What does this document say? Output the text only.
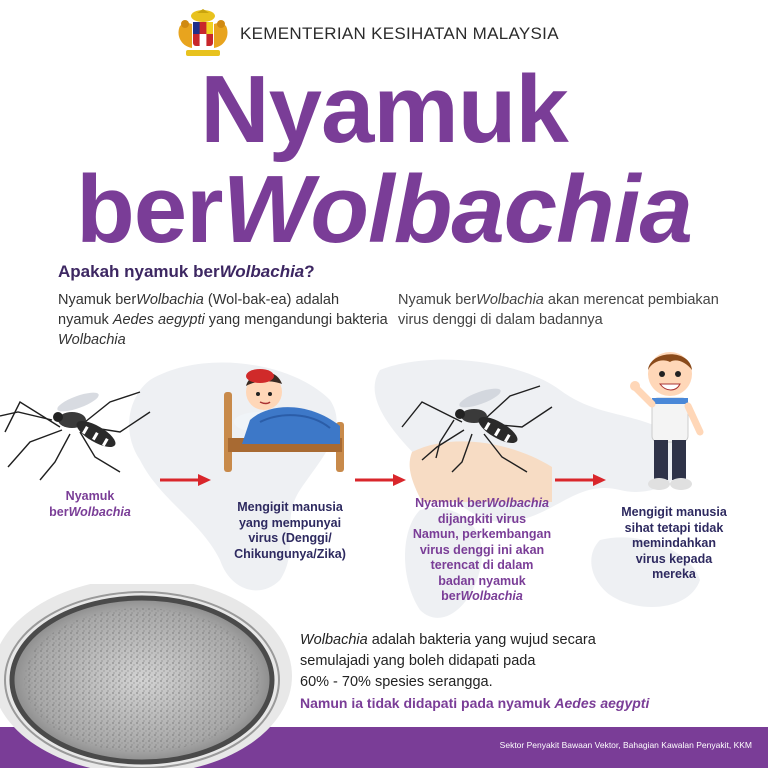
KEMENTERIAN KESIHATAN MALAYSIA
Nyamuk
berWolbachia
Apakah nyamuk berWolbachia?
Nyamuk berWolbachia (Wol-bak-ea) adalah nyamuk Aedes aegypti yang mengandungi bakteria Wolbachia
Nyamuk berWolbachia akan merencat pembiakan virus denggi di dalam badannya
Nyamuk
berWolbachia	Mengigit manusia
yang mempunyai
virus (Denggi/
Chikungunya/Zika)
Nyamuk berWolbachia
dijangkiti virus
Namun, perkembangan
virus denggi ini akan
terencat di dalam
badan nyamuk
berWolbachia
Mengigit manusia
sihat tetapi tidak
memindahkan
virus kepada
mereka
Wolbachia adalah bakteria yang wujud secara
semulajadi yang boleh didapati pada
60% - 70% spesies serangga.
Namun ia tidak didapati pada nyamuk Aedes aegypti
Sektor Penyakit Bawaan Vektor, Bahagian Kawalan Penyakit, KKM
